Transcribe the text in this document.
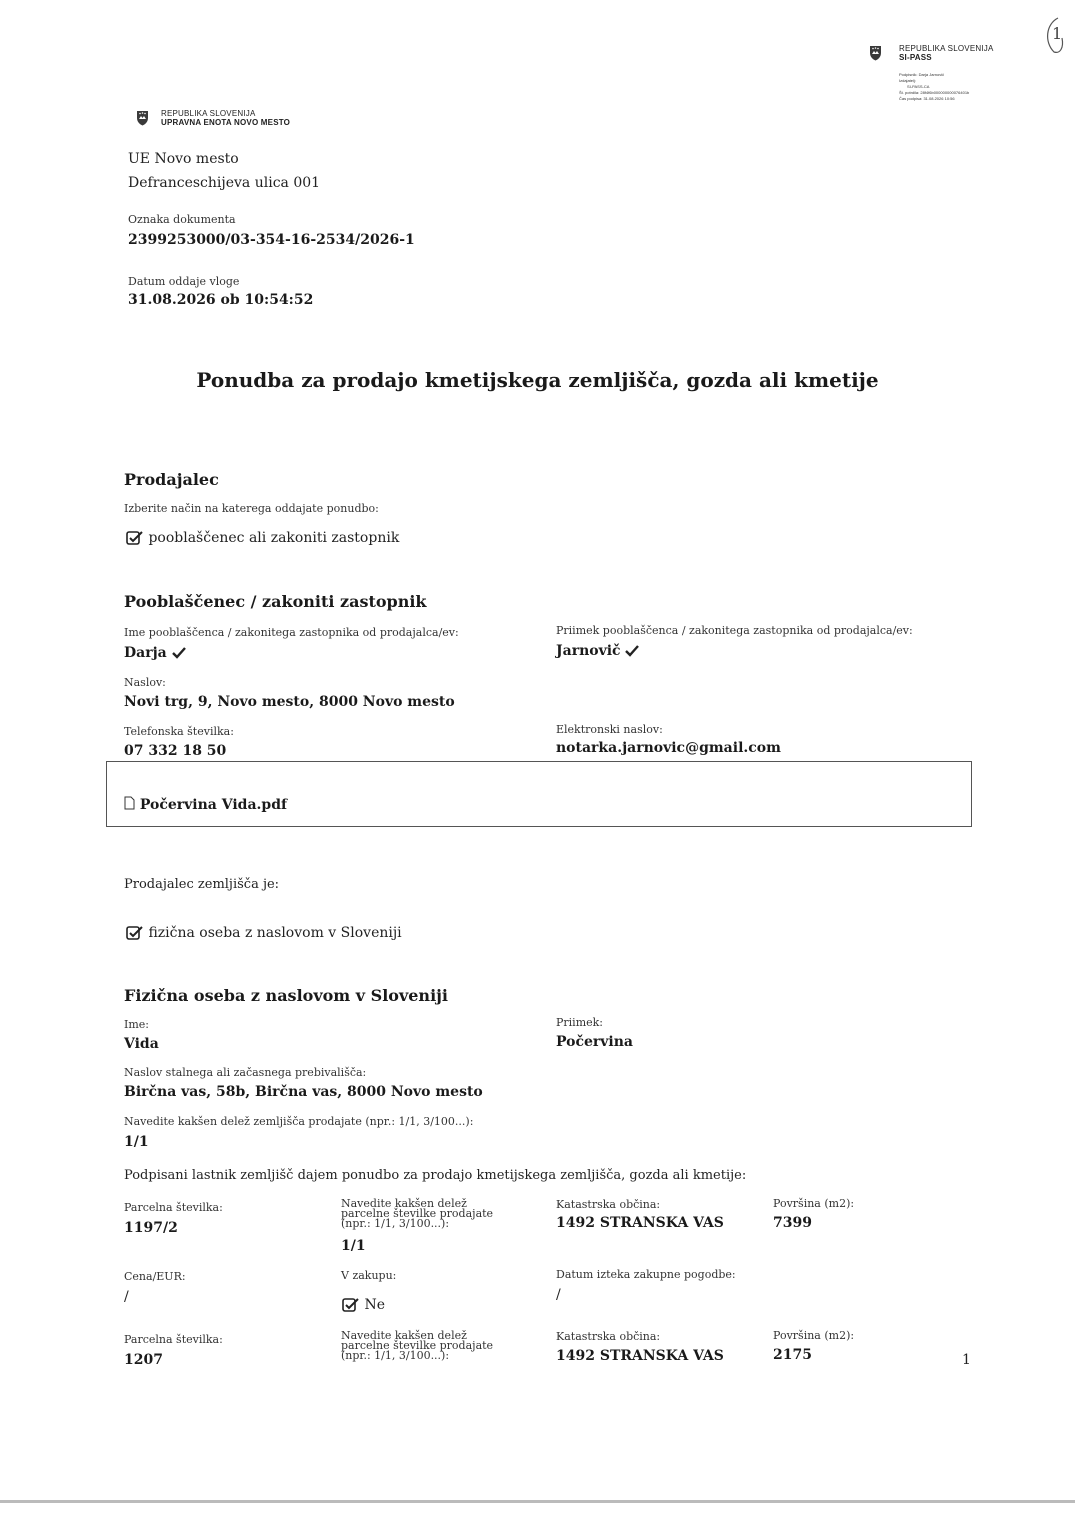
REPUBLIKA SLOVENIJA
SI-PASS
Podpisnik: Darja Jarnovič
Izdajatelj:
SI-PASS-CA
Št. potrdila: 28f4f6b000000000076401b
Čas podpisa: 31.08.2026 10:56
1
REPUBLIKA SLOVENIJA
UPRAVNA ENOTA NOVO MESTO
UE Novo mesto
Defranceschijeva ulica 001
Oznaka dokumenta
2399253000/03-354-16-2534/2026-1
Datum oddaje vloge
31.08.2026 ob 10:54:52
Ponudba za prodajo kmetijskega zemljišča, gozda ali kmetije
Prodajalec
Izberite način na katerega oddajate ponudbo:
pooblaščenec ali zakoniti zastopnik
Pooblaščenec / zakoniti zastopnik
Ime pooblaščenca / zakonitega zastopnika od prodajalca/ev:
Darja
Priimek pooblaščenca / zakonitega zastopnika od prodajalca/ev:
Jarnovič
Naslov:
Novi trg, 9, Novo mesto, 8000 Novo mesto
Telefonska številka:
07 332 18 50
Elektronski naslov:
notarka.jarnovic@gmail.com
Počervina Vida.pdf
Prodajalec zemljišča je:
fizična oseba z naslovom v Sloveniji
Fizična oseba z naslovom v Sloveniji
Ime:
Vida
Priimek:
Počervina
Naslov stalnega ali začasnega prebivališča:
Birčna vas, 58b, Birčna vas, 8000 Novo mesto
Navedite kakšen delež zemljišča prodajate (npr.: 1/1, 3/100...):
1/1
Podpisani lastnik zemljišč dajem ponudbo za prodajo kmetijskega zemljišča, gozda ali kmetije:
Parcelna številka:
1197/2
Navedite kakšen delež parcelne številke prodajate (npr.: 1/1, 3/100...):
1/1
Katastrska občina:
1492 STRANSKA VAS
Površina (m2):
7399
Cena/EUR:
/
V zakupu:
Ne
Datum izteka zakupne pogodbe:
/
Parcelna številka:
1207
Navedite kakšen delež parcelne številke prodajate (npr.: 1/1, 3/100...):
Katastrska občina:
1492 STRANSKA VAS
Površina (m2):
2175	1
